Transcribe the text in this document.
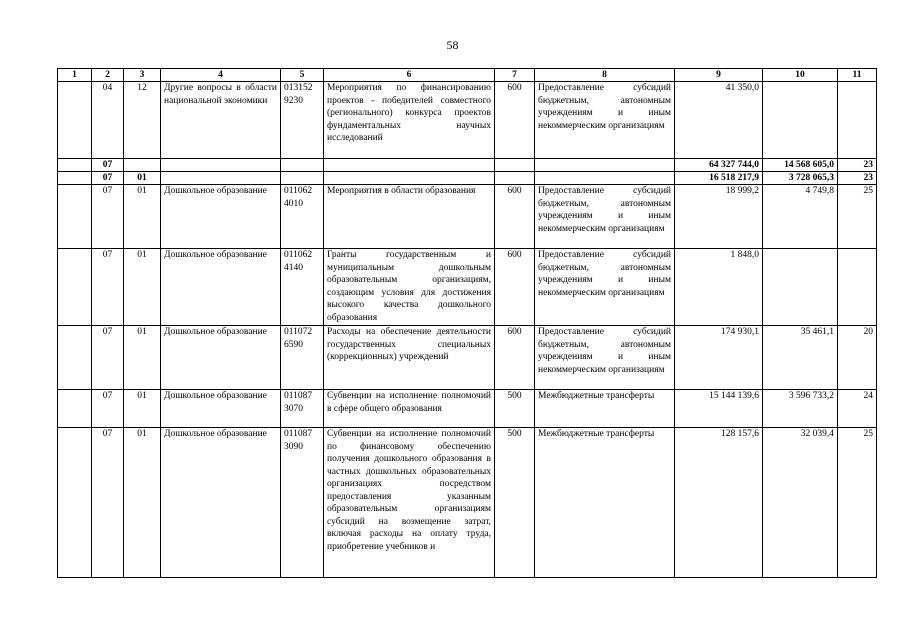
58
1	2	3	4	5	6	7	8	9	10	11
	04	12	Другие вопросы в области национальной экономики	013152 9230	Мероприятия по финансированию проектов - победителей совместного (регионального) конкурса проектов фундаментальных научных исследований	600	Предоставление субсидий бюджетным, автономным учреждениям и иным некоммерческим организациям	41 350,0		
	07							64 327 744,0	14 568 605,0	23
	07	01						16 518 217,9	3 728 065,3	23
	07	01	Дошкольное образование	011062 4010	Мероприятия в области образования	600	Предоставление субсидий бюджетным, автономным учреждениям и иным некоммерческим организациям	18 999,2	4 749,8	25
	07	01	Дошкольное образование	011062 4140	Гранты государственным и муниципальным дошкольным образовательным организациям, создающим условия для достижения высокого качества дошкольного образования	600	Предоставление субсидий бюджетным, автономным учреждениям и иным некоммерческим организациям	1 848,0		
	07	01	Дошкольное образование	011072 6590	Расходы на обеспечение деятельности государственных специальных (коррекционных) учреждений	600	Предоставление субсидий бюджетным, автономным учреждениям и иным некоммерческим организациям	174 930,1	35 461,1	20
	07	01	Дошкольное образование	011087 3070	Субвенции на исполнение полномочий в сфере общего образования	500	Межбюджетные трансферты	15 144 139,6	3 596 733,2	24
	07	01	Дошкольное образование	011087 3090	Субвенции на исполнение полномочий по финансовому обеспечению получения дошкольного образования в частных дошкольных образовательных организациях посредством предоставления указанным образовательным организациям субсидий на возмещение затрат, включая расходы на оплату труда, приобретение учебников и	500	Межбюджетные трансферты	128 157,6	32 039,4	25
